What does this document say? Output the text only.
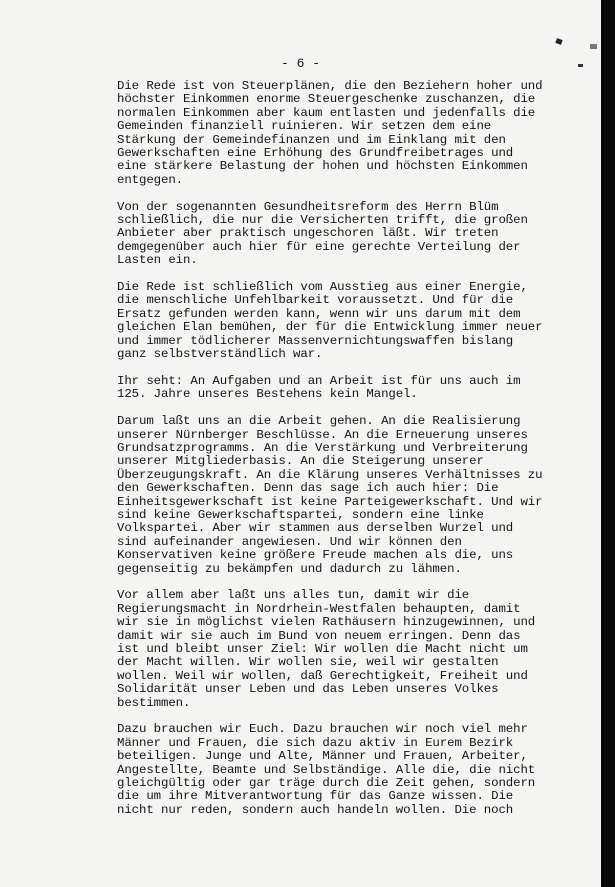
- 6 -
Die Rede ist von Steuerplänen, die den Beziehern hoher und
höchster Einkommen enorme Steuergeschenke zuschanzen, die
normalen Einkommen aber kaum entlasten und jedenfalls die
Gemeinden finanziell ruinieren. Wir setzen dem eine
Stärkung der Gemeindefinanzen und im Einklang mit den
Gewerkschaften eine Erhöhung des Grundfreibetrages und
eine stärkere Belastung der hohen und höchsten Einkommen
entgegen.
Von der sogenannten Gesundheitsreform des Herrn Blüm
schließlich, die nur die Versicherten trifft, die großen
Anbieter aber praktisch ungeschoren läßt. Wir treten
demgegenüber auch hier für eine gerechte Verteilung der
Lasten ein.
Die Rede ist schließlich vom Ausstieg aus einer Energie,
die menschliche Unfehlbarkeit voraussetzt. Und für die
Ersatz gefunden werden kann, wenn wir uns darum mit dem
gleichen Elan bemühen, der für die Entwicklung immer neuer
und immer tödlicherer Massenvernichtungswaffen bislang
ganz selbstverständlich war.
Ihr seht: An Aufgaben und an Arbeit ist für uns auch im
125. Jahre unseres Bestehens kein Mangel.
Darum laßt uns an die Arbeit gehen. An die Realisierung
unserer Nürnberger Beschlüsse. An die Erneuerung unseres
Grundsatzprogramms. An die Verstärkung und Verbreiterung
unserer Mitgliederbasis. An die Steigerung unserer
Überzeugungskraft. An die Klärung unseres Verhältnisses zu
den Gewerkschaften. Denn das sage ich auch hier: Die
Einheitsgewerkschaft ist keine Parteigewerkschaft. Und wir
sind keine Gewerkschaftspartei, sondern eine linke
Volkspartei. Aber wir stammen aus derselben Wurzel und
sind aufeinander angewiesen. Und wir können den
Konservativen keine größere Freude machen als die, uns
gegenseitig zu bekämpfen und dadurch zu lähmen.
Vor allem aber laßt uns alles tun, damit wir die
Regierungsmacht in Nordrhein-Westfalen behaupten, damit
wir sie in möglichst vielen Rathäusern hinzugewinnen, und
damit wir sie auch im Bund von neuem erringen. Denn das
ist und bleibt unser Ziel: Wir wollen die Macht nicht um
der Macht willen. Wir wollen sie, weil wir gestalten
wollen. Weil wir wollen, daß Gerechtigkeit, Freiheit und
Solidarität unser Leben und das Leben unseres Volkes
bestimmen.
Dazu brauchen wir Euch. Dazu brauchen wir noch viel mehr
Männer und Frauen, die sich dazu aktiv in Eurem Bezirk
beteiligen. Junge und Alte, Männer und Frauen, Arbeiter,
Angestellte, Beamte und Selbständige. Alle die, die nicht
gleichgültig oder gar träge durch die Zeit gehen, sondern
die um ihre Mitverantwortung für das Ganze wissen. Die
nicht nur reden, sondern auch handeln wollen. Die noch
